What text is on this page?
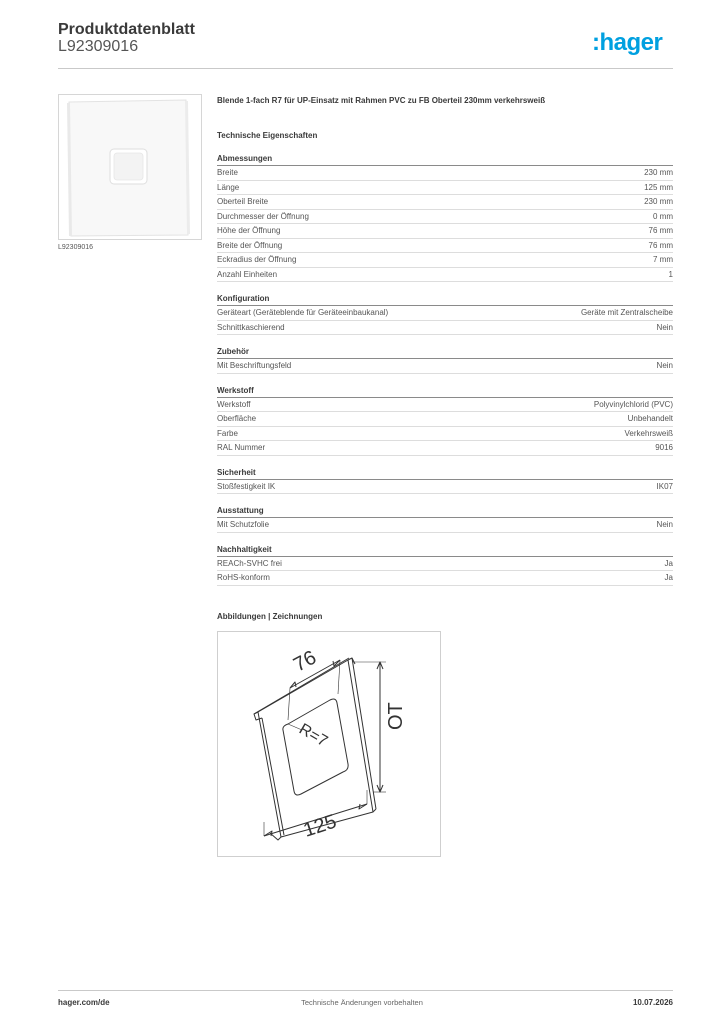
Produktdatenblatt
L92309016	:hager
L92309016
Blende 1-fach R7 für UP-Einsatz mit Rahmen PVC zu FB Oberteil 230mm verkehrsweiß
Technische Eigenschaften
Abmessungen
Breite	230 mm
Länge	125 mm
Oberteil Breite	230 mm
Durchmesser der Öffnung	0 mm
Höhe der Öffnung	76 mm
Breite der Öffnung	76 mm
Eckradius der Öffnung	7 mm
Anzahl Einheiten	1
Konfiguration
Geräteart (Geräteblende für Geräteeinbaukanal)	Geräte mit Zentralscheibe
Schnittkaschierend	Nein
Zubehör
Mit Beschriftungsfeld	Nein
Werkstoff
Werkstoff	Polyvinylchlorid (PVC)
Oberfläche	Unbehandelt
Farbe	Verkehrsweiß
RAL Nummer	9016
Sicherheit
Stoßfestigkeit IK	IK07
Ausstattung
Mit Schutzfolie	Nein
Nachhaltigkeit
REACh-SVHC frei	Ja
RoHS-konform	Ja
Abbildungen | Zeichnungen
76
R=7
OT
125
hager.com/de	Technische Änderungen vorbehalten	10.07.2026
